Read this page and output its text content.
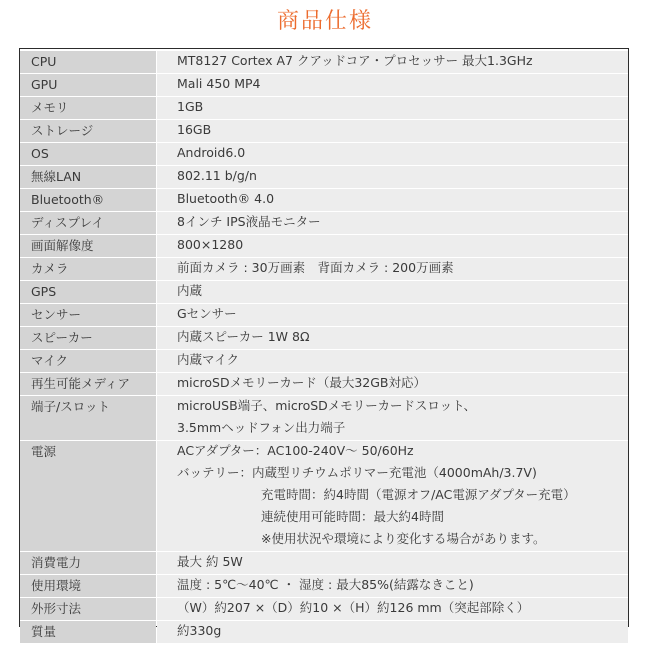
商品仕様
CPU	MT8127 Cortex A7 クアッドコア・プロセッサー 最大1.3GHz
GPU	Mali 450 MP4
メモリ	1GB
ストレージ	16GB
OS	Android6.0
無線LAN	802.11 b/g/n
Bluetooth®	Bluetooth® 4.0
ディスプレイ	8インチ IPS液晶モニター
画面解像度	800×1280
カメラ	前面カメラ : 30万画素　背面カメラ : 200万画素
GPS	内蔵
センサー	Gセンサー
スピーカー	内蔵スピーカー 1W 8Ω
マイク	内蔵マイク
再生可能メディア	microSDメモリーカード（最大32GB対応）
端子/スロット	microUSB端子、microSDメモリーカードスロット、
3.5mmヘッドフォン出力端子
電源	ACアダプター：AC100-240V～ 50/60Hz
バッテリー：内蔵型リチウムポリマー充電池（4000mAh/3.7V)
充電時間：約4時間（電源オフ/AC電源アダプター充電）
連続使用可能時間：最大約4時間
※使用状況や環境により変化する場合があります。
消費電力	最大 約 5W
使用環境	温度 : 5℃～40℃ ・ 湿度 : 最大85%(結露なきこと)
外形寸法	（W）約207 ×（D）約10 ×（H）約126 mm（突起部除く）
質量	約330g
